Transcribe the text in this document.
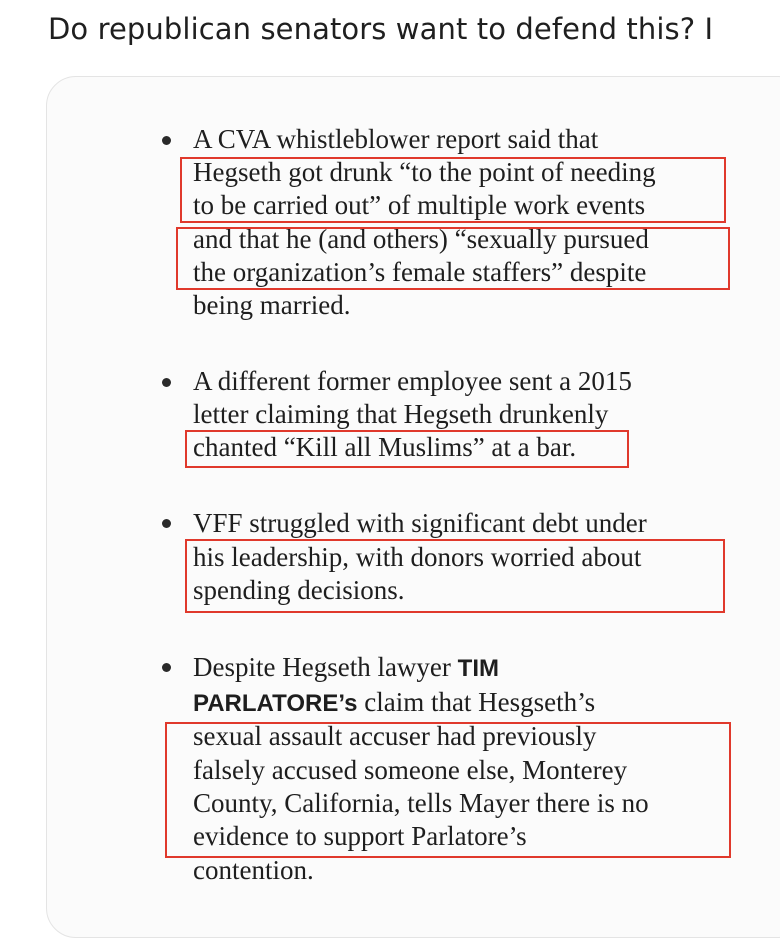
Do republican senators want to defend this? I
A CVA whistleblower report said that
Hegseth got drunk “to the point of needing
to be carried out” of multiple work events
and that he (and others) “sexually pursued
the organization’s female staffers” despite
being married.
A different former employee sent a 2015
letter claiming that Hegseth drunkenly
chanted “Kill all Muslims” at a bar.
VFF struggled with significant debt under
his leadership, with donors worried about
spending decisions.
Despite Hegseth lawyer TIM
PARLATORE’s claim that Hesgseth’s
sexual assault accuser had previously
falsely accused someone else, Monterey
County, California, tells Mayer there is no
evidence to support Parlatore’s
contention.
